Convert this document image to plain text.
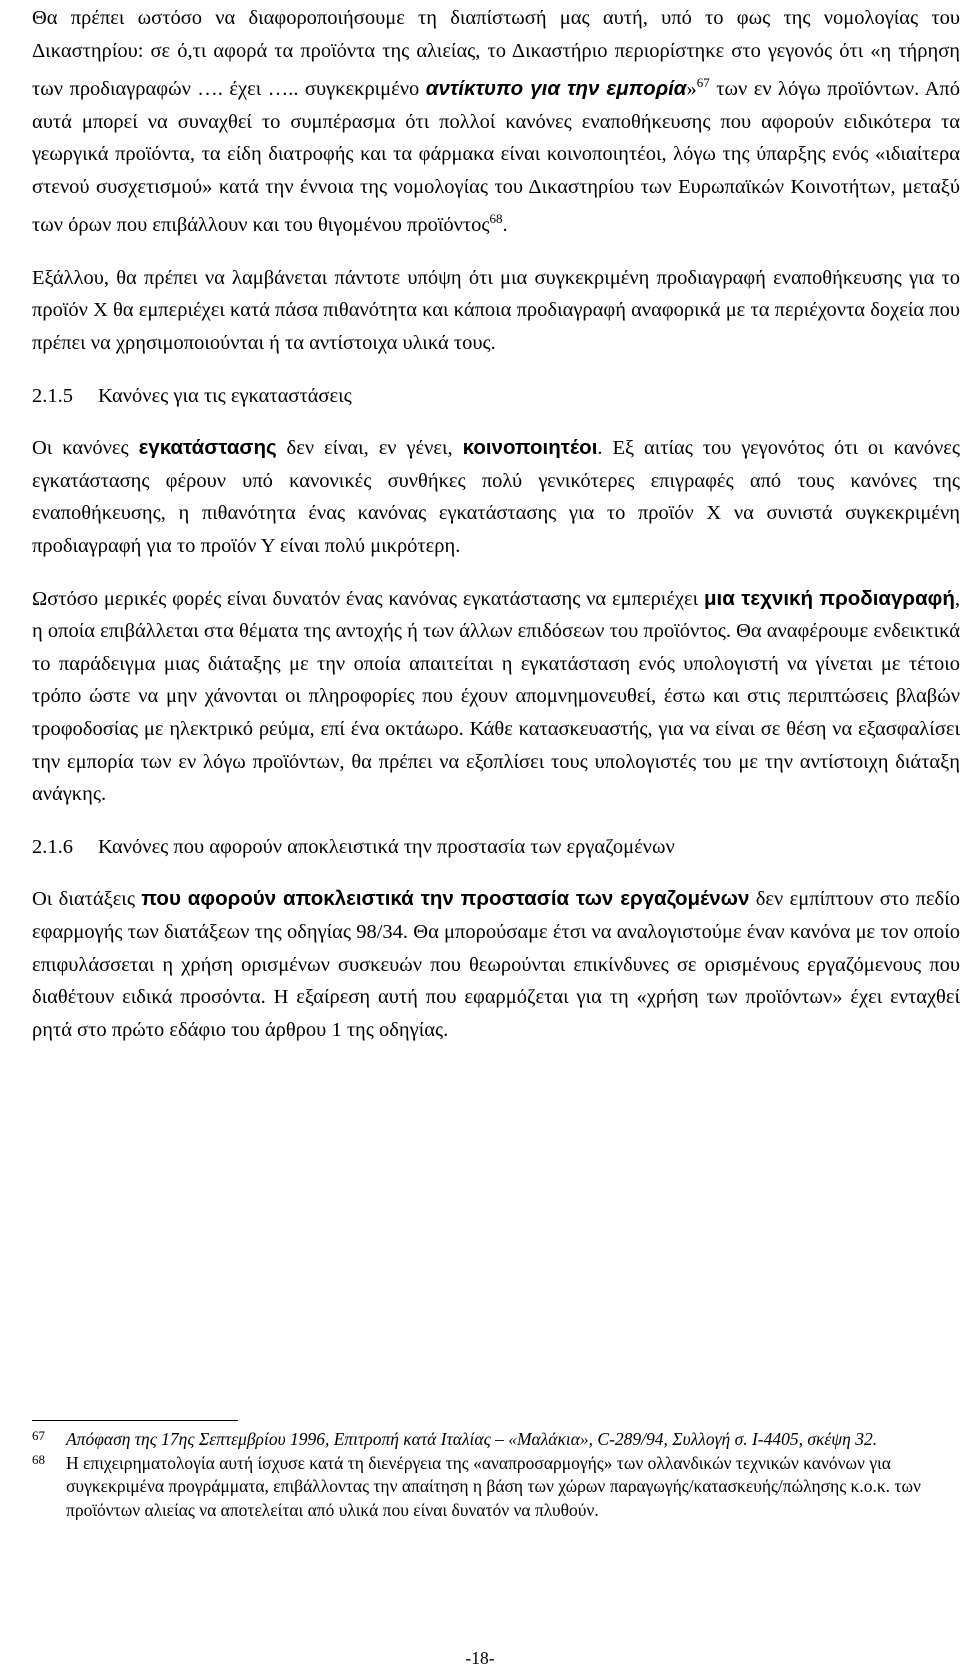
Θα πρέπει ωστόσο να διαφοροποιήσουμε τη διαπίστωσή μας αυτή, υπό το φως της νομολογίας του Δικαστηρίου: σε ό,τι αφορά τα προϊόντα της αλιείας, το Δικαστήριο περιορίστηκε στο γεγονός ότι «η τήρηση των προδιαγραφών …. έχει ….. συγκεκριμένο αντίκτυπο για την εμπορία»$^{67}$ των εν λόγω προϊόντων. Από αυτά μπορεί να συναχθεί το συμπέρασμα ότι πολλοί κανόνες εναποθήκευσης που αφορούν ειδικότερα τα γεωργικά προϊόντα, τα είδη διατροφής και τα φάρμακα είναι κοινοποιητέοι, λόγω της ύπαρξης ενός «ιδιαίτερα στενού συσχετισμού» κατά την έννοια της νομολογίας του Δικαστηρίου των Ευρωπαϊκών Κοινοτήτων, μεταξύ των όρων που επιβάλλουν και του θιγομένου προϊόντος$^{68}$.

Εξάλλου, θα πρέπει να λαμβάνεται πάντοτε υπόψη ότι μια συγκεκριμένη προδιαγραφή εναποθήκευσης για το προϊόν Χ θα εμπεριέχει κατά πάσα πιθανότητα και κάποια προδιαγραφή αναφορικά με τα περιέχοντα δοχεία που πρέπει να χρησιμοποιούνται ή τα αντίστοιχα υλικά τους.

2.1.5 Κανόνες για τις εγκαταστάσεις

Οι κανόνες εγκατάστασης δεν είναι, εν γένει, κοινοποιητέοι. Εξ αιτίας του γεγονότος ότι οι κανόνες εγκατάστασης φέρουν υπό κανονικές συνθήκες πολύ γενικότερες επιγραφές από τους κανόνες της εναποθήκευσης, η πιθανότητα ένας κανόνας εγκατάστασης για το προϊόν Χ να συνιστά συγκεκριμένη προδιαγραφή για το προϊόν Υ είναι πολύ μικρότερη.

Ωστόσο μερικές φορές είναι δυνατόν ένας κανόνας εγκατάστασης να εμπεριέχει μια τεχνική προδιαγραφή, η οποία επιβάλλεται στα θέματα της αντοχής ή των άλλων επιδόσεων του προϊόντος. Θα αναφέρουμε ενδεικτικά το παράδειγμα μιας διάταξης με την οποία απαιτείται η εγκατάσταση ενός υπολογιστή να γίνεται με τέτοιο τρόπο ώστε να μην χάνονται οι πληροφορίες που έχουν απομνημονευθεί, έστω και στις περιπτώσεις βλαβών τροφοδοσίας με ηλεκτρικό ρεύμα, επί ένα οκτάωρο. Κάθε κατασκευαστής, για να είναι σε θέση να εξασφαλίσει την εμπορία των εν λόγω προϊόντων, θα πρέπει να εξοπλίσει τους υπολογιστές του με την αντίστοιχη διάταξη ανάγκης.

2.1.6 Κανόνες που αφορούν αποκλειστικά την προστασία των εργαζομένων

Οι διατάξεις που αφορούν αποκλειστικά την προστασία των εργαζομένων δεν εμπίπτουν στο πεδίο εφαρμογής των διατάξεων της οδηγίας 98/34. Θα μπορούσαμε έτσι να αναλογιστούμε έναν κανόνα με τον οποίο επιφυλάσσεται η χρήση ορισμένων συσκευών που θεωρούνται επικίνδυνες σε ορισμένους εργαζόμενους που διαθέτουν ειδικά προσόντα. Η εξαίρεση αυτή που εφαρμόζεται για τη «χρήση των προϊόντων» έχει ενταχθεί ρητά στο πρώτο εδάφιο του άρθρου 1 της οδηγίας.

67	Απόφαση της 17ης Σεπτεμβρίου 1996, Επιτροπή κατά Ιταλίας – «Μαλάκια», C-289/94, Συλλογή σ. Ι-4405, σκέψη 32.
68	Η επιχειρηματολογία αυτή ίσχυσε κατά τη διενέργεια της «αναπροσαρμογής» των ολλανδικών τεχνικών κανόνων για συγκεκριμένα προγράμματα, επιβάλλοντας την απαίτηση η βάση των χώρων παραγωγής/κατασκευής/πώλησης κ.ο.κ. των προϊόντων αλιείας να αποτελείται από υλικά που είναι δυνατόν να πλυθούν.
-18-
